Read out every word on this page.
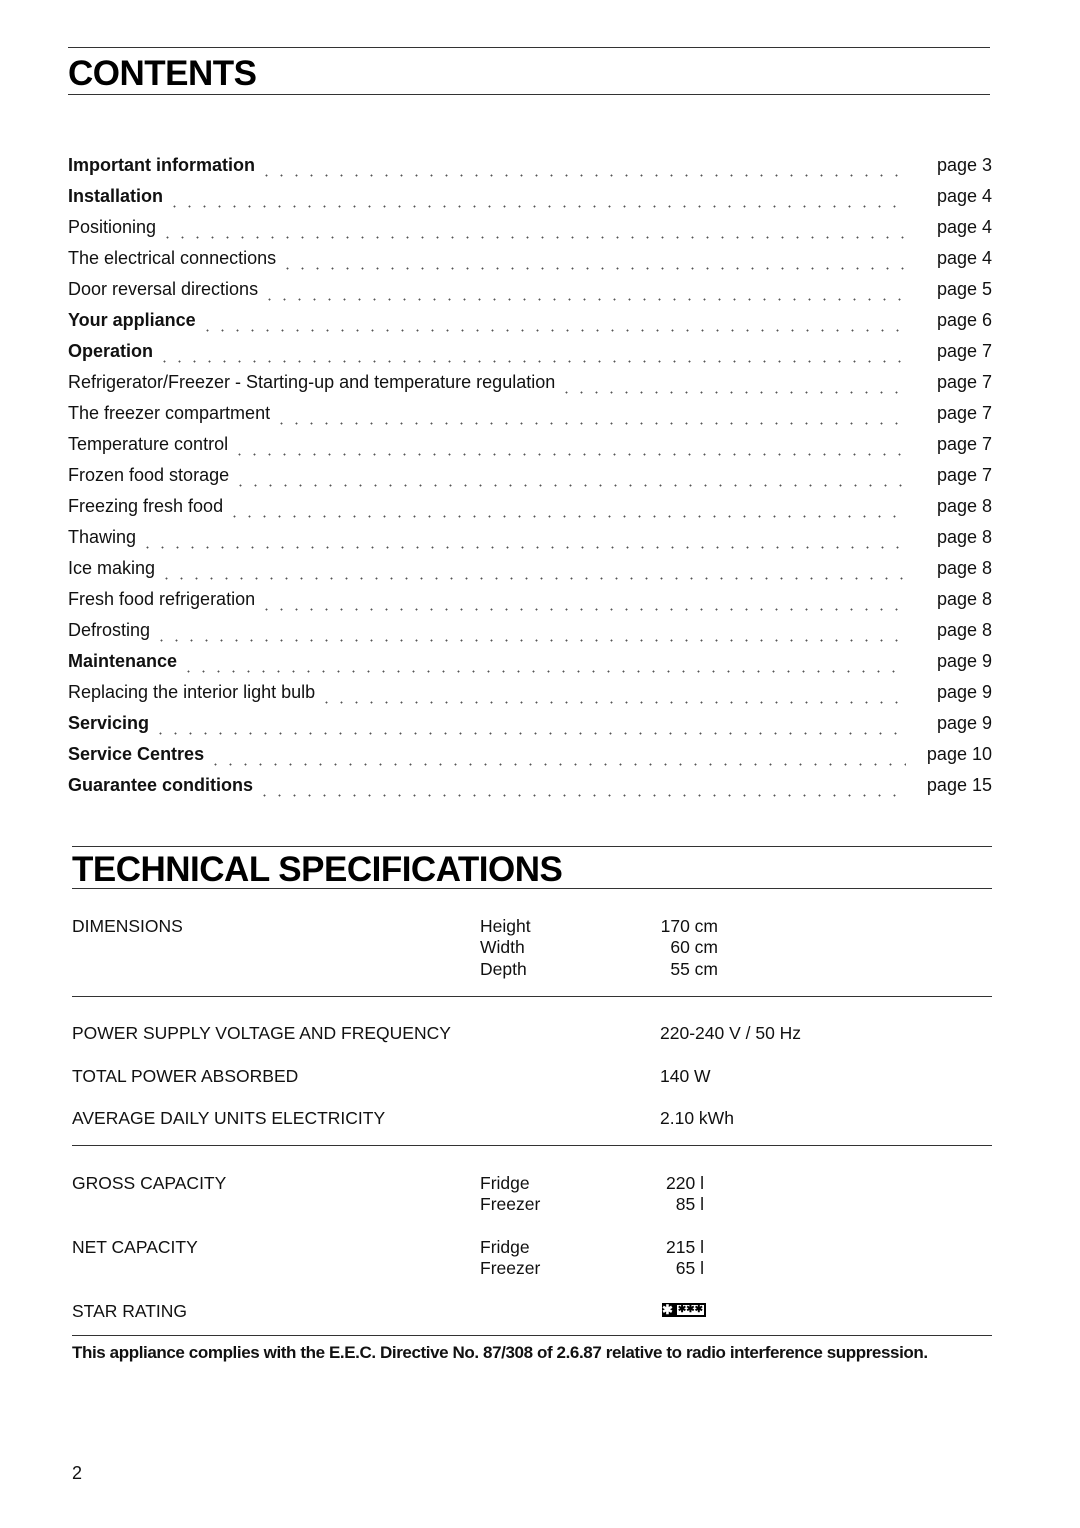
CONTENTS
Important information	page 3
Installation	page 4
Positioning	page 4
The electrical connections	page 4
Door reversal directions	page 5
Your appliance	page 6
Operation	page 7
Refrigerator/Freezer - Starting-up and temperature regulation	page 7
The freezer compartment	page 7
Temperature control	page 7
Frozen food storage	page 7
Freezing fresh food	page 8
Thawing	page 8
Ice making	page 8
Fresh food refrigeration	page 8
Defrosting	page 8
Maintenance	page 9
Replacing the interior light bulb	page 9
Servicing	page 9
Service Centres	page 10
Guarantee conditions	page 15
TECHNICAL SPECIFICATIONS
DIMENSIONS	Height	170 cm
Width	60 cm
Depth	55 cm
POWER SUPPLY VOLTAGE AND FREQUENCY	220-240 V / 50 Hz
TOTAL POWER ABSORBED	140 W
AVERAGE DAILY UNITS ELECTRICITY	2.10 kWh
GROSS CAPACITY	Fridge	220 l
Freezer	85 l
NET CAPACITY	Fridge	215 l
Freezer	65 l
STAR RATING	✱ ✱✱✱
This appliance complies with the E.E.C. Directive No. 87/308 of 2.6.87 relative to radio interference suppression.
2
